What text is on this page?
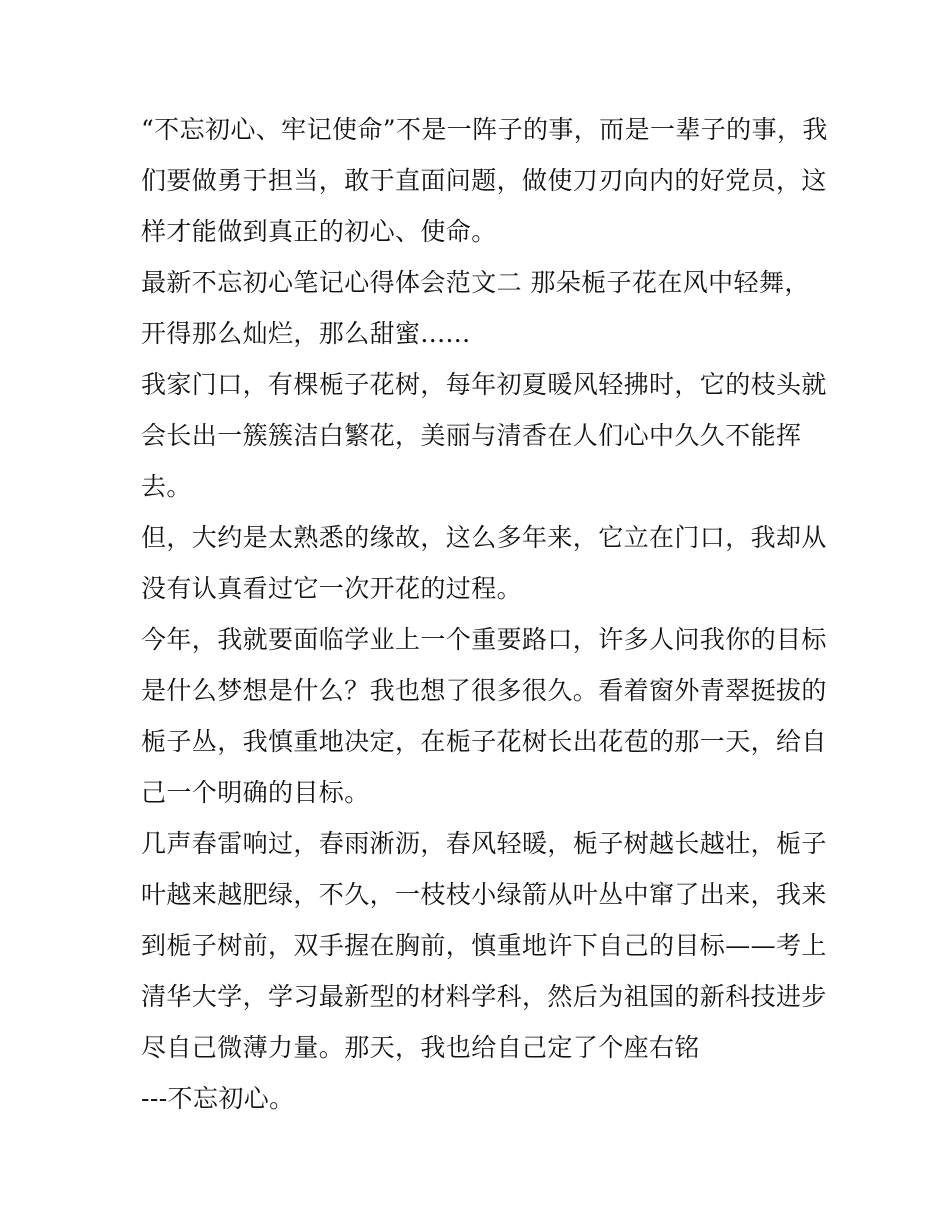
“不忘初心、牢记使命”不是一阵子的事，而是一辈子的事，我
们要做勇于担当，敢于直面问题，做使刀刃向内的好党员，这
样才能做到真正的初心、使命。
最新不忘初心笔记心得体会范文二 那朵栀子花在风中轻舞，
开得那么灿烂，那么甜蜜......
我家门口，有棵栀子花树，每年初夏暖风轻拂时，它的枝头就
会长出一簇簇洁白繁花，美丽与清香在人们心中久久不能挥
去。
但，大约是太熟悉的缘故，这么多年来，它立在门口，我却从
没有认真看过它一次开花的过程。
今年，我就要面临学业上一个重要路口，许多人问我你的目标
是什么梦想是什么？我也想了很多很久。看着窗外青翠挺拔的
栀子丛，我慎重地决定，在栀子花树长出花苞的那一天，给自
己一个明确的目标。
几声春雷响过，春雨淅沥，春风轻暖，栀子树越长越壮，栀子
叶越来越肥绿，不久，一枝枝小绿箭从叶丛中窜了出来，我来
到栀子树前，双手握在胸前，慎重地许下自己的目标——考上
清华大学，学习最新型的材料学科，然后为祖国的新科技进步
尽自己微薄力量。那天，我也给自己定了个座右铭
---不忘初心。
